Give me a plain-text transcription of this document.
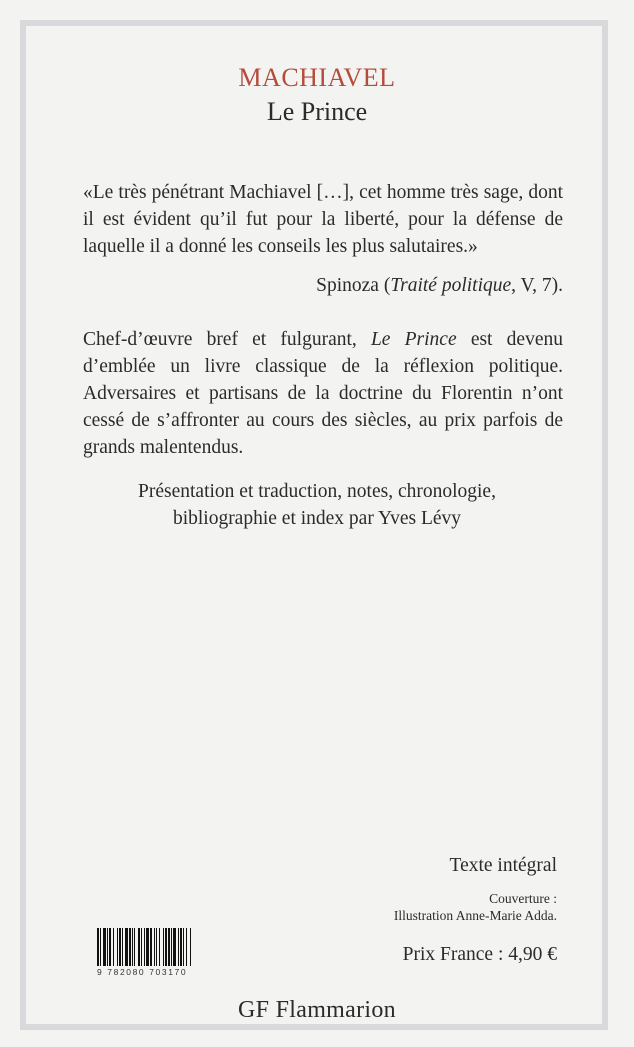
MACHIAVEL
Le Prince
«Le très pénétrant Machiavel […], cet homme très sage, dont il est évident qu’il fut pour la liberté, pour la défense de laquelle il a donné les conseils les plus salutaires.»
Spinoza (Traité politique, V, 7).
Chef-d’œuvre bref et fulgurant, Le Prince est devenu d’emblée un livre classique de la réflexion politique. Adversaires et partisans de la doctrine du Florentin n’ont cessé de s’affronter au cours des siècles, au prix parfois de grands malentendus.
Présentation et traduction, notes, chronologie,
bibliographie et index par Yves Lévy
Texte intégral
Couverture :
Illustration Anne-Marie Adda.
9 782080 703170
Prix France : 4,90 €
GF Flammarion
